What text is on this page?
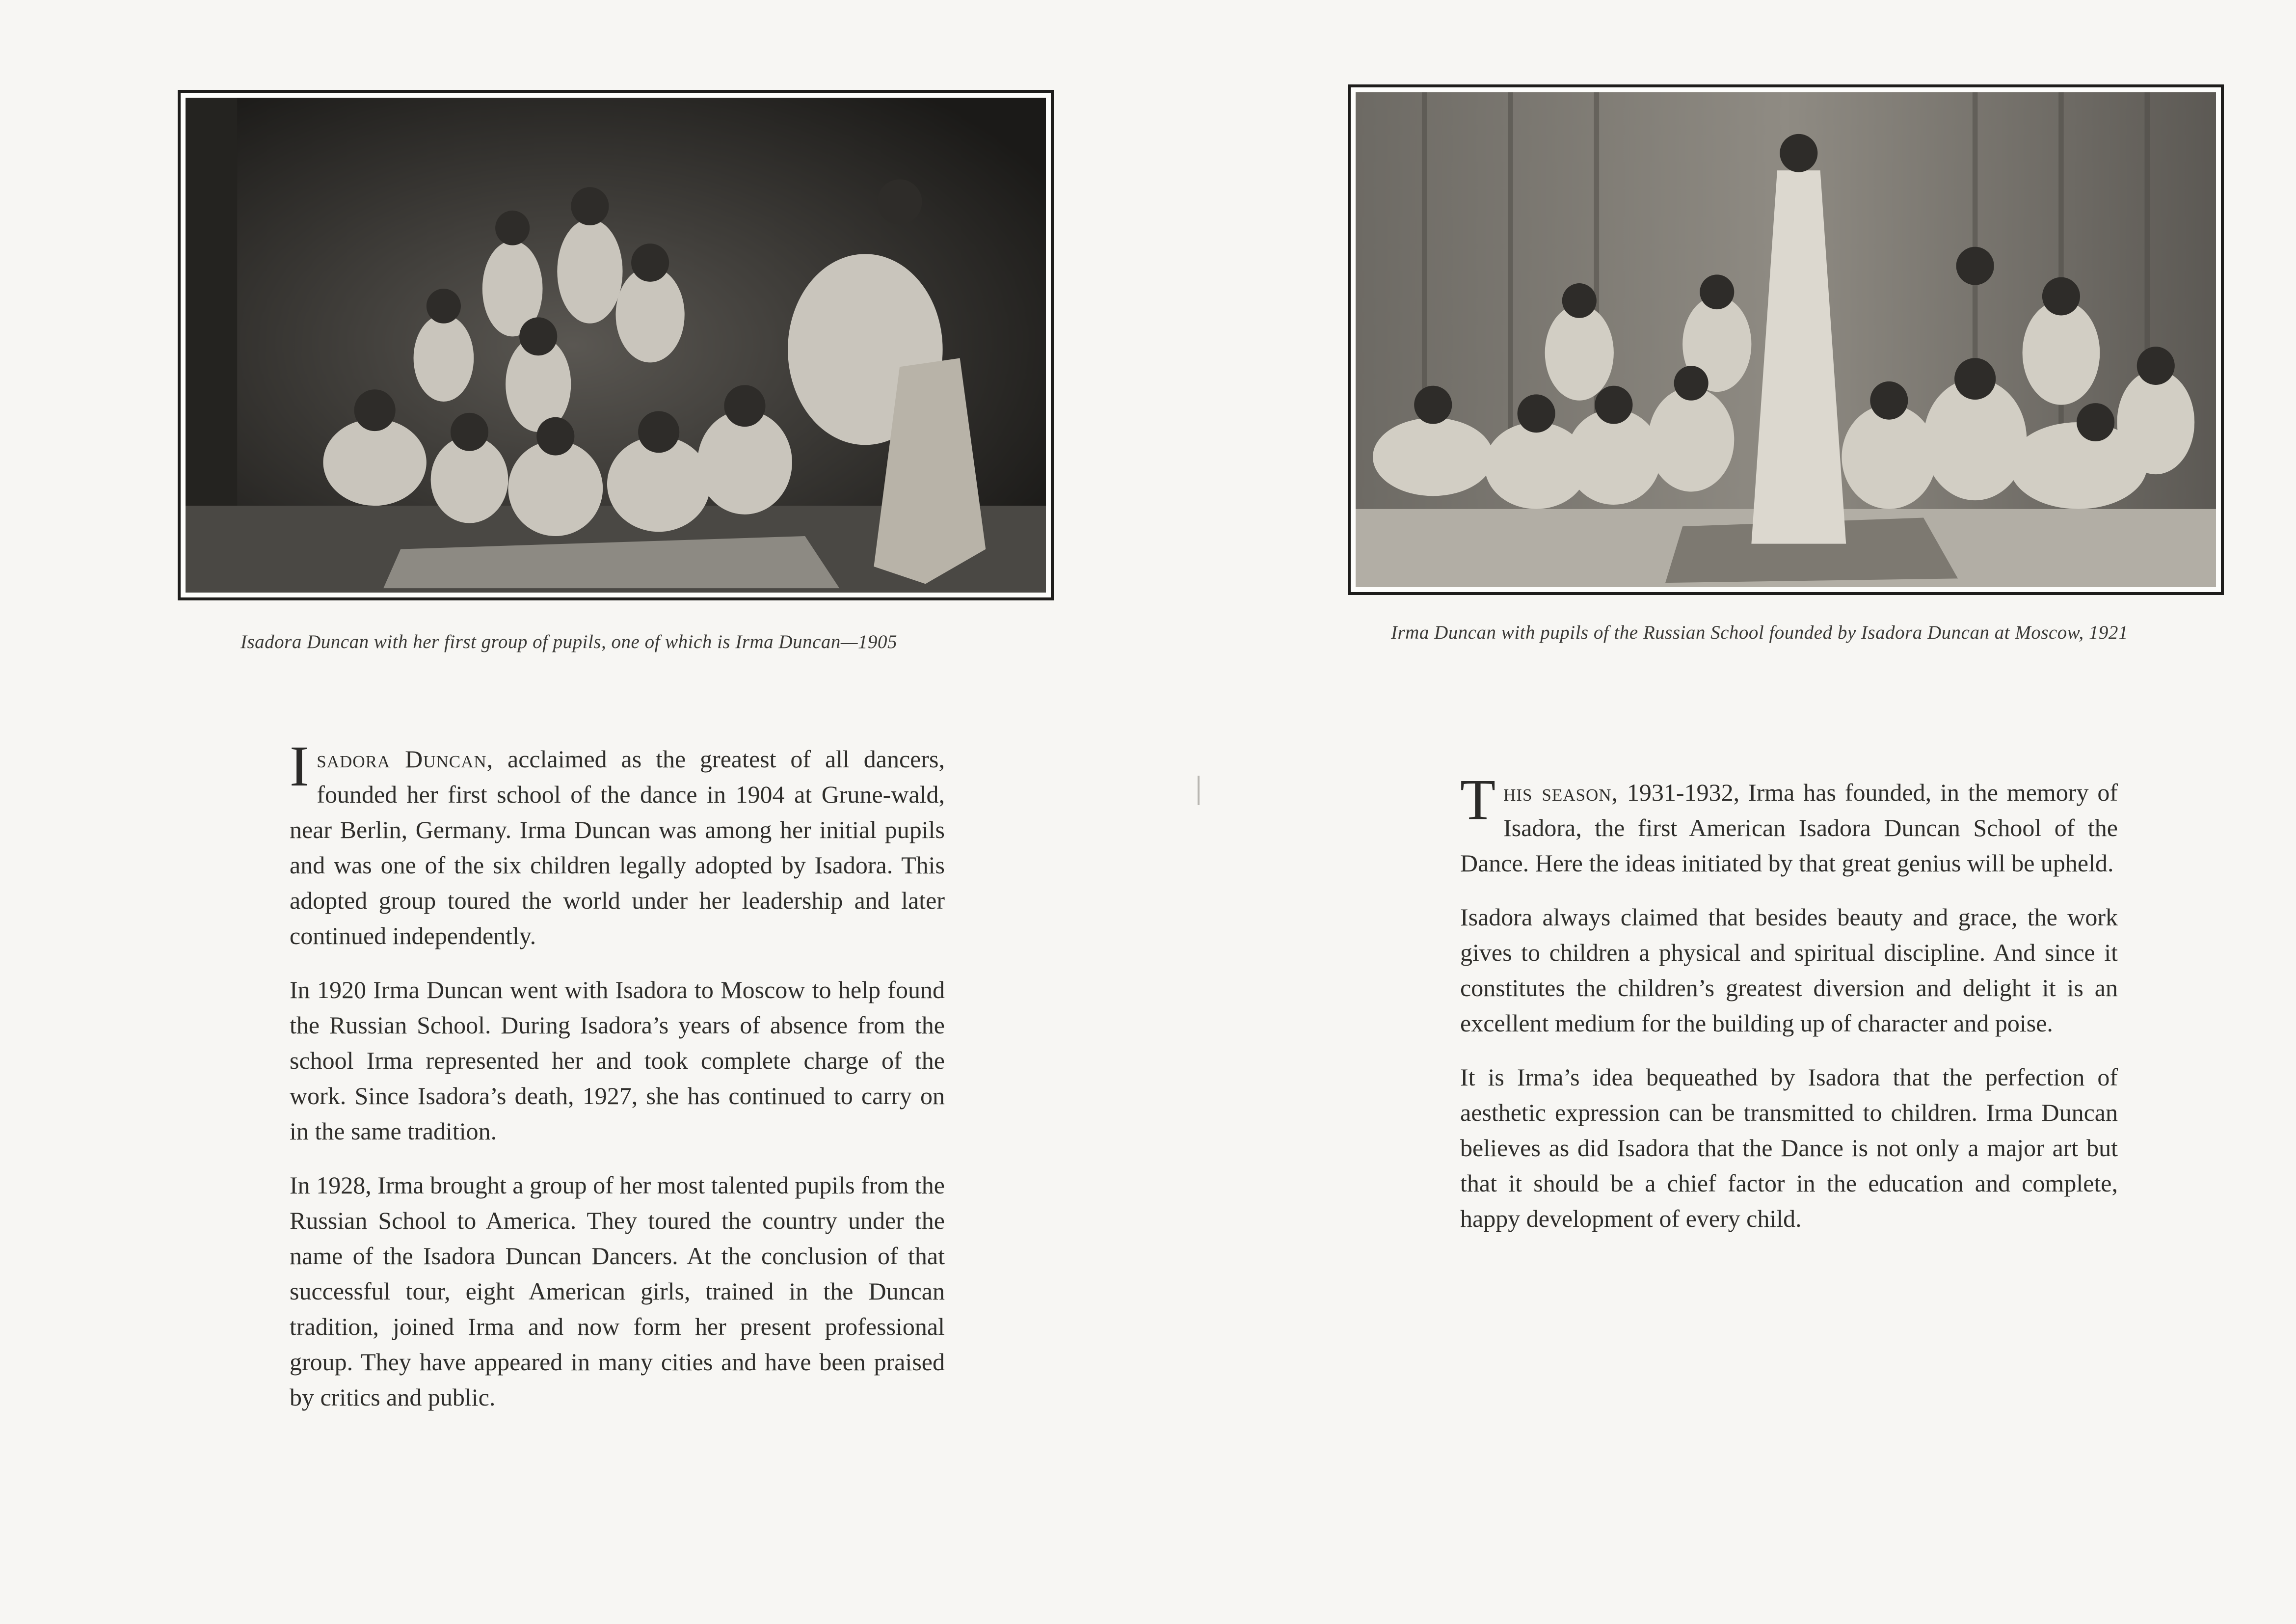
Isadora Duncan with her first group of pupils, one of which is Irma Duncan—1905

Isadora Duncan, acclaimed as the greatest of all dancers, founded her first school of the dance in 1904 at Grune-wald, near Berlin, Germany. Irma Duncan was among her initial pupils and was one of the six children legally adopted by Isadora. This adopted group toured the world under her leadership and later continued independently.

In 1920 Irma Duncan went with Isadora to Moscow to help found the Russian School. During Isadora’s years of absence from the school Irma represented her and took complete charge of the work. Since Isadora’s death, 1927, she has continued to carry on in the same tradition.

In 1928, Irma brought a group of her most talented pupils from the Russian School to America. They toured the country under the name of the Isadora Duncan Dancers. At the conclusion of that successful tour, eight American girls, trained in the Duncan tradition, joined Irma and now form her present professional group. They have appeared in many cities and have been praised by critics and public.

Irma Duncan with pupils of the Russian School founded by Isadora Duncan at Moscow, 1921

This season, 1931-1932, Irma has founded, in the memory of Isadora, the first American Isadora Duncan School of the Dance. Here the ideas initiated by that great genius will be upheld.

Isadora always claimed that besides beauty and grace, the work gives to children a physical and spiritual discipline. And since it constitutes the children’s greatest diversion and delight it is an excellent medium for the building up of character and poise.

It is Irma’s idea bequeathed by Isadora that the perfection of aesthetic expression can be transmitted to children. Irma Duncan believes as did Isadora that the Dance is not only a major art but that it should be a chief factor in the education and complete, happy development of every child.
